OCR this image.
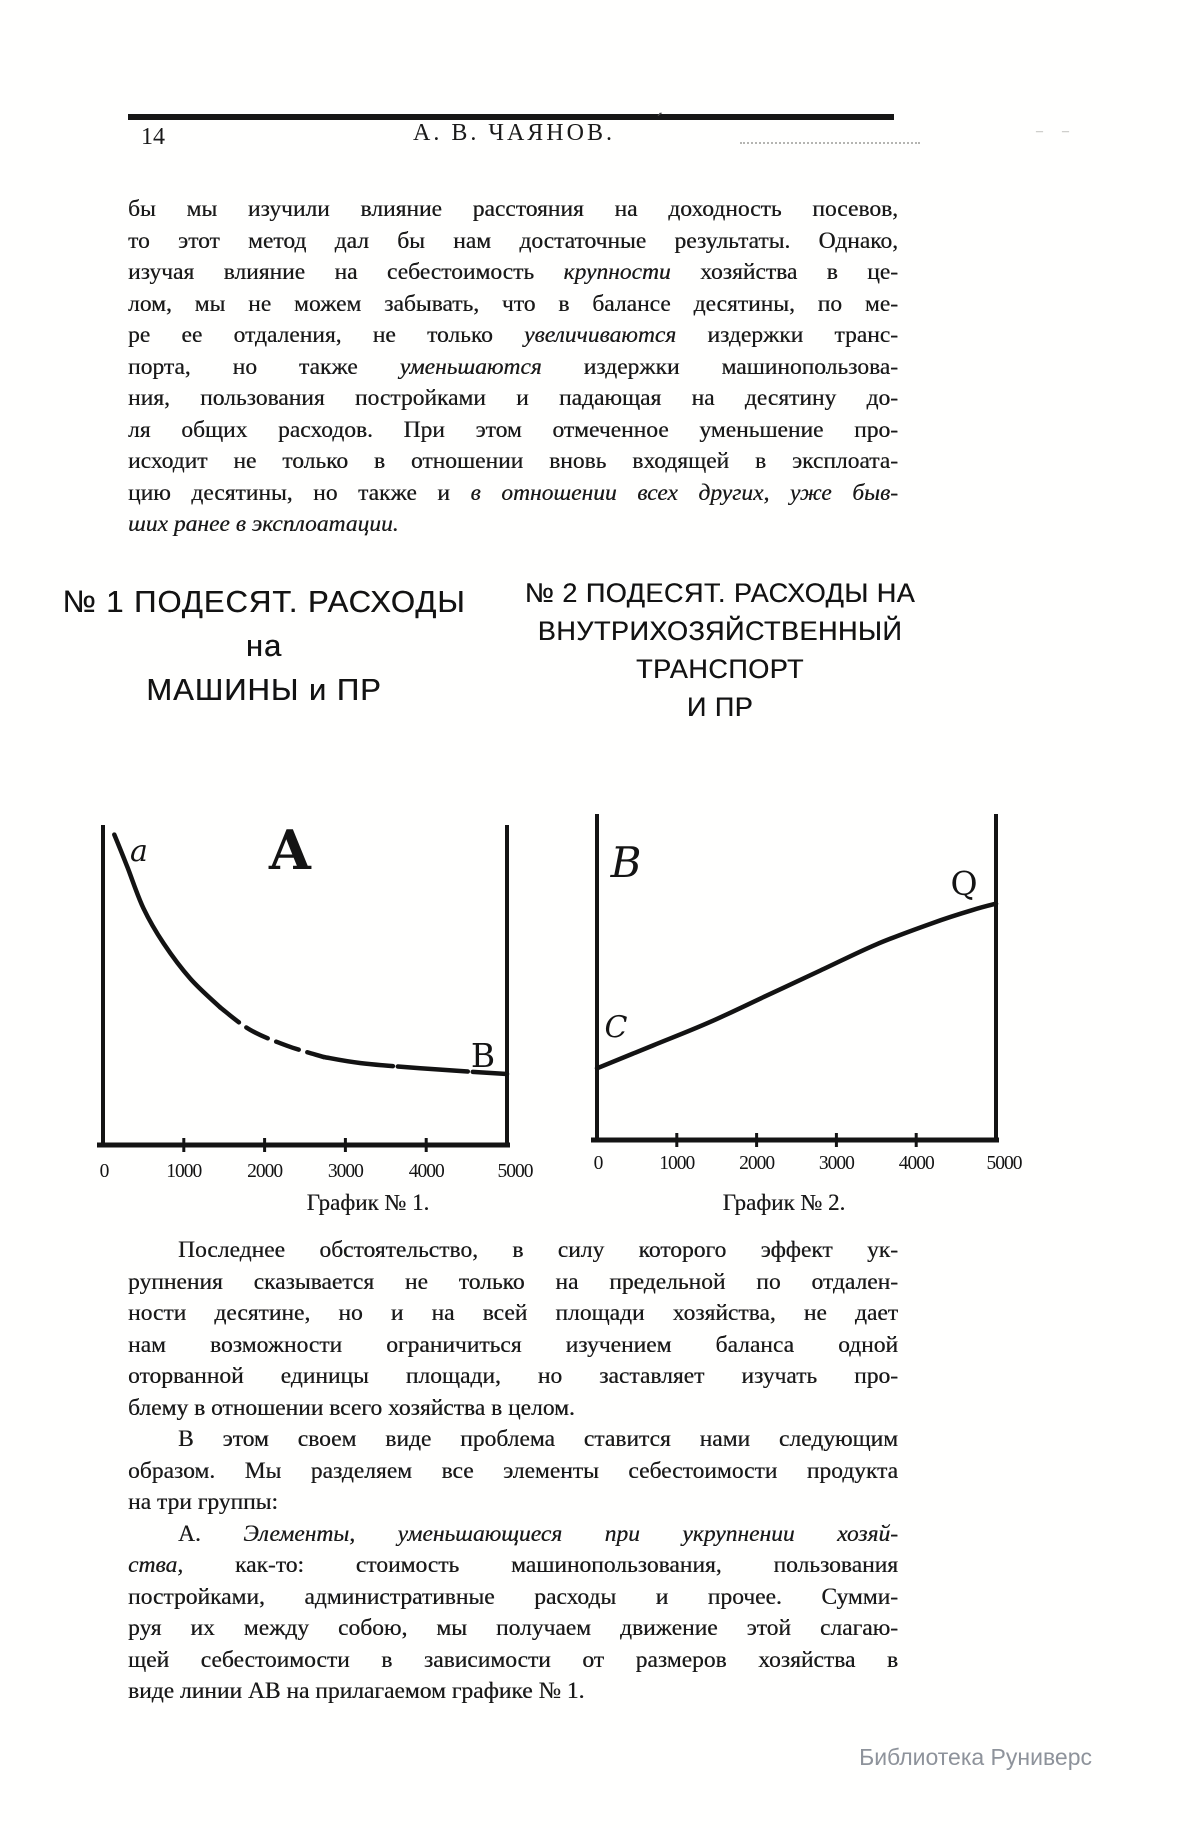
14	А. В. ЧАЯНОВ.	´	‒  ‒
бы мы изучили влияние расстояния на доходность посевов,
то этот метод дал бы нам достаточные результаты. Однако,
изучая влияние на себестоимость крупности хозяйства в це-
лом, мы не можем забывать, что в балансе десятины, по ме-
ре ее отдаления, не только увеличиваются издержки транс-
порта, но также уменьшаются издержки машинопользова-
ния, пользования постройками и падающая на десятину до-
ля общих расходов. При этом отмеченное уменьшение про-
исходит не только в отношении вновь входящей в эксплоата-
цию десятины, но также и в отношении всех других, уже быв-
ших ранее в эксплоатации.
№ 1 ПОДЕСЯТ. РАСХОДЫ на
МАШИНЫ и ПР
№ 2 ПОДЕСЯТ. РАСХОДЫ НА
ВНУТРИХОЗЯЙСТВЕННЫЙ ТРАНСПОРТ
И ПР
0	1000 2000 3000 4000	5000
а
В
А
0	1000 2000 3000 4000	5000
С
Q
В
График № 1.	График № 2.
Последнее обстоятельство, в силу которого эффект ук-
рупнения сказывается не только на предельной по отдален-
ности десятине, но и на всей площади хозяйства, не дает
нам возможности ограничиться изучением баланса одной
оторванной единицы площади, но заставляет изучать про-
блему в отношении всего хозяйства в целом.
В этом своем виде проблема ставится нами следующим
образом. Мы разделяем все элементы себестоимости продукта
на три группы:
А. Элементы, уменьшающиеся при укрупнении хозяй-
ства, как-то: стоимость машинопользования, пользования
постройками, административные расходы и прочее. Сумми-
руя их между собою, мы получаем движение этой слагаю-
щей себестоимости в зависимости от размеров хозяйства в
виде линии АВ на прилагаемом графике № 1.
Библиотека Руниверс
